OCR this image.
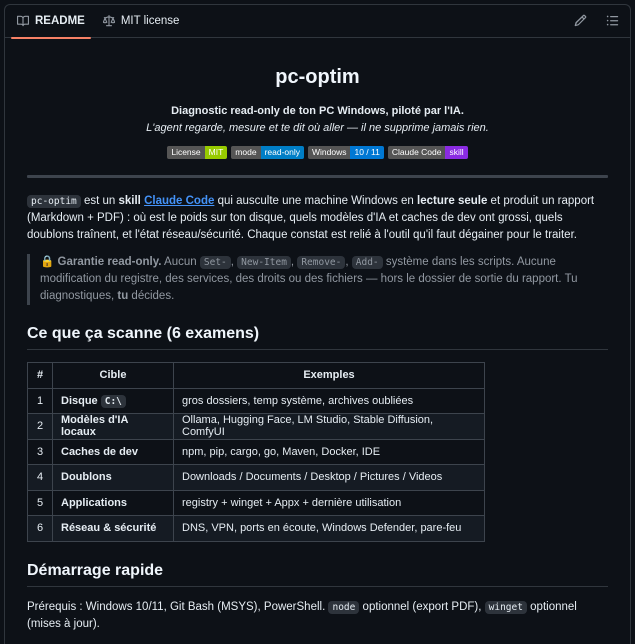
README	MIT license
pc-optim
Diagnostic read-only de ton PC Windows, piloté par l'IA.
L'agent regarde, mesure et te dit où aller — il ne supprime jamais rien.
License MIT	mode read-only	Windows 10 / 11	Claude Code skill

pc-optim est un skill Claude Code qui ausculte une machine Windows en lecture seule et produit un rapport (Markdown + PDF) : où est le poids sur ton disque, quels modèles d'IA et caches de dev ont grossi, quels doublons traînent, et l'état réseau/sécurité. Chaque constat est relié à l'outil qu'il faut dégainer pour le traiter.

🔒 Garantie read-only. Aucun Set- , New-Item , Remove- , Add- système dans les scripts. Aucune modification du registre, des services, des droits ou des fichiers — hors le dossier de sortie du rapport. Tu diagnostiques, tu décides.
Ce que ça scanne (6 examens)
#	Cible	Exemples
1	Disque C:\	gros dossiers, temp système, archives oubliées
2	Modèles d'IA locaux	Ollama, Hugging Face, LM Studio, Stable Diffusion, ComfyUI
3	Caches de dev	npm, pip, cargo, go, Maven, Docker, IDE
4	Doublons	Downloads / Documents / Desktop / Pictures / Videos
5	Applications	registry + winget + Appx + dernière utilisation
6	Réseau & sécurité	DNS, VPN, ports en écoute, Windows Defender, pare-feu
Démarrage rapide

Prérequis : Windows 10/11, Git Bash (MSYS), PowerShell. node optionnel (export PDF), winget optionnel (mises à jour).
